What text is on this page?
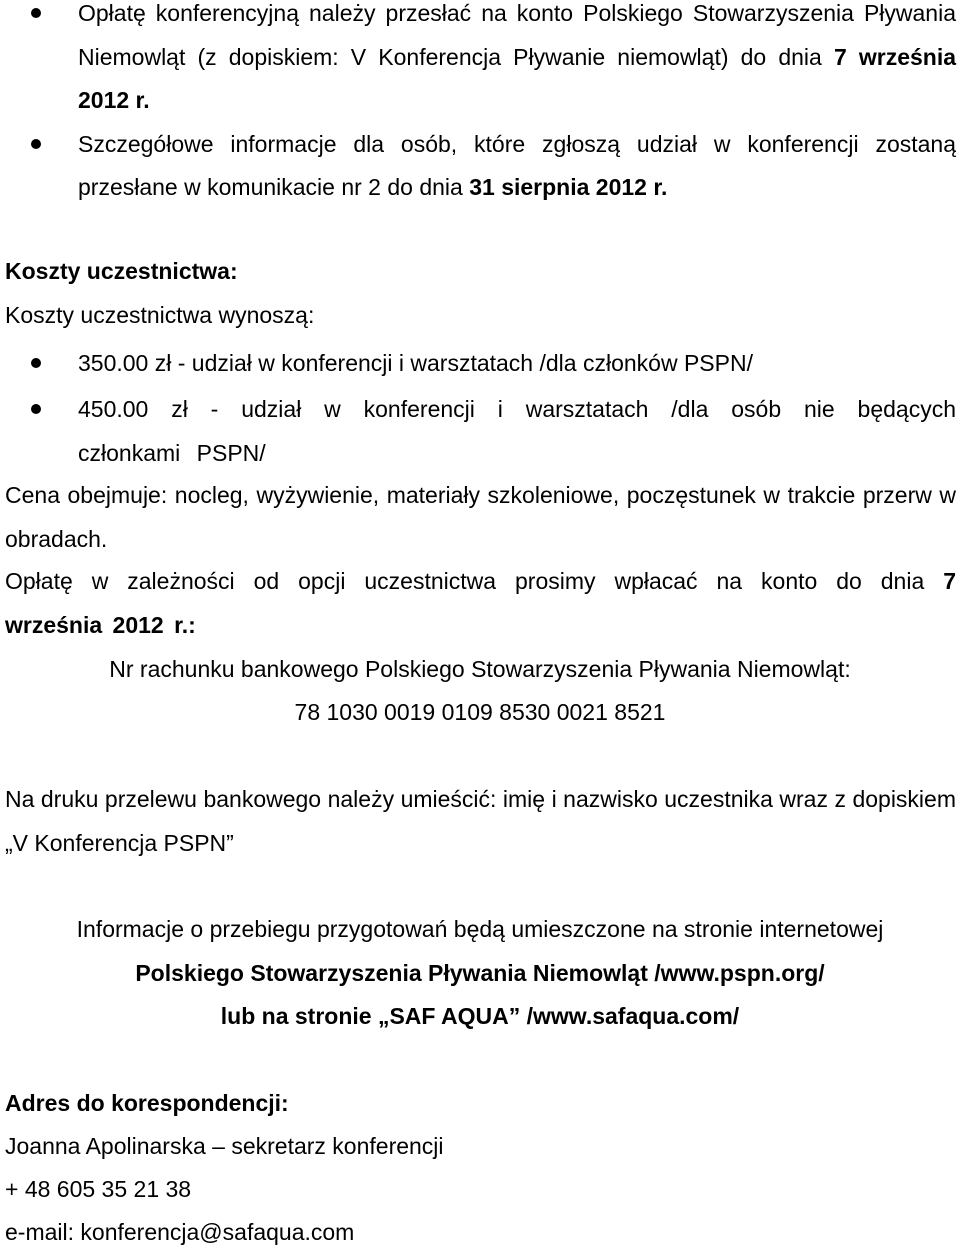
Opłatę konferencyjną należy przesłać na konto Polskiego Stowarzyszenia Pływania Niemowląt (z dopiskiem: V Konferencja Pływanie niemowląt) do dnia 7 września 2012 r.
Szczegółowe informacje dla osób, które zgłoszą udział w konferencji zostaną przesłane w komunikacie nr 2 do dnia 31 sierpnia 2012 r.
Koszty uczestnictwa:
Koszty uczestnictwa wynoszą:
350.00 zł - udział w konferencji i warsztatach /dla członków PSPN/
450.00 zł - udział w konferencji i warsztatach /dla osób nie będących członkami PSPN/
Cena obejmuje: nocleg, wyżywienie, materiały szkoleniowe, poczęstunek w trakcie przerw w obradach.
Opłatę w zależności od opcji uczestnictwa prosimy wpłacać na konto do dnia 7 września 2012 r.:
Nr rachunku bankowego Polskiego Stowarzyszenia Pływania Niemowląt:
78 1030 0019 0109 8530 0021 8521
Na druku przelewu bankowego należy umieścić: imię i nazwisko uczestnika wraz z dopiskiem „V Konferencja PSPN”
Informacje o przebiegu przygotowań będą umieszczone na stronie internetowej
Polskiego Stowarzyszenia Pływania Niemowląt /www.pspn.org/
lub na stronie „SAF AQUA” /www.safaqua.com/
Adres do korespondencji:
Joanna Apolinarska – sekretarz konferencji
+ 48 605 35 21 38
e-mail: konferencja@safaqua.com
